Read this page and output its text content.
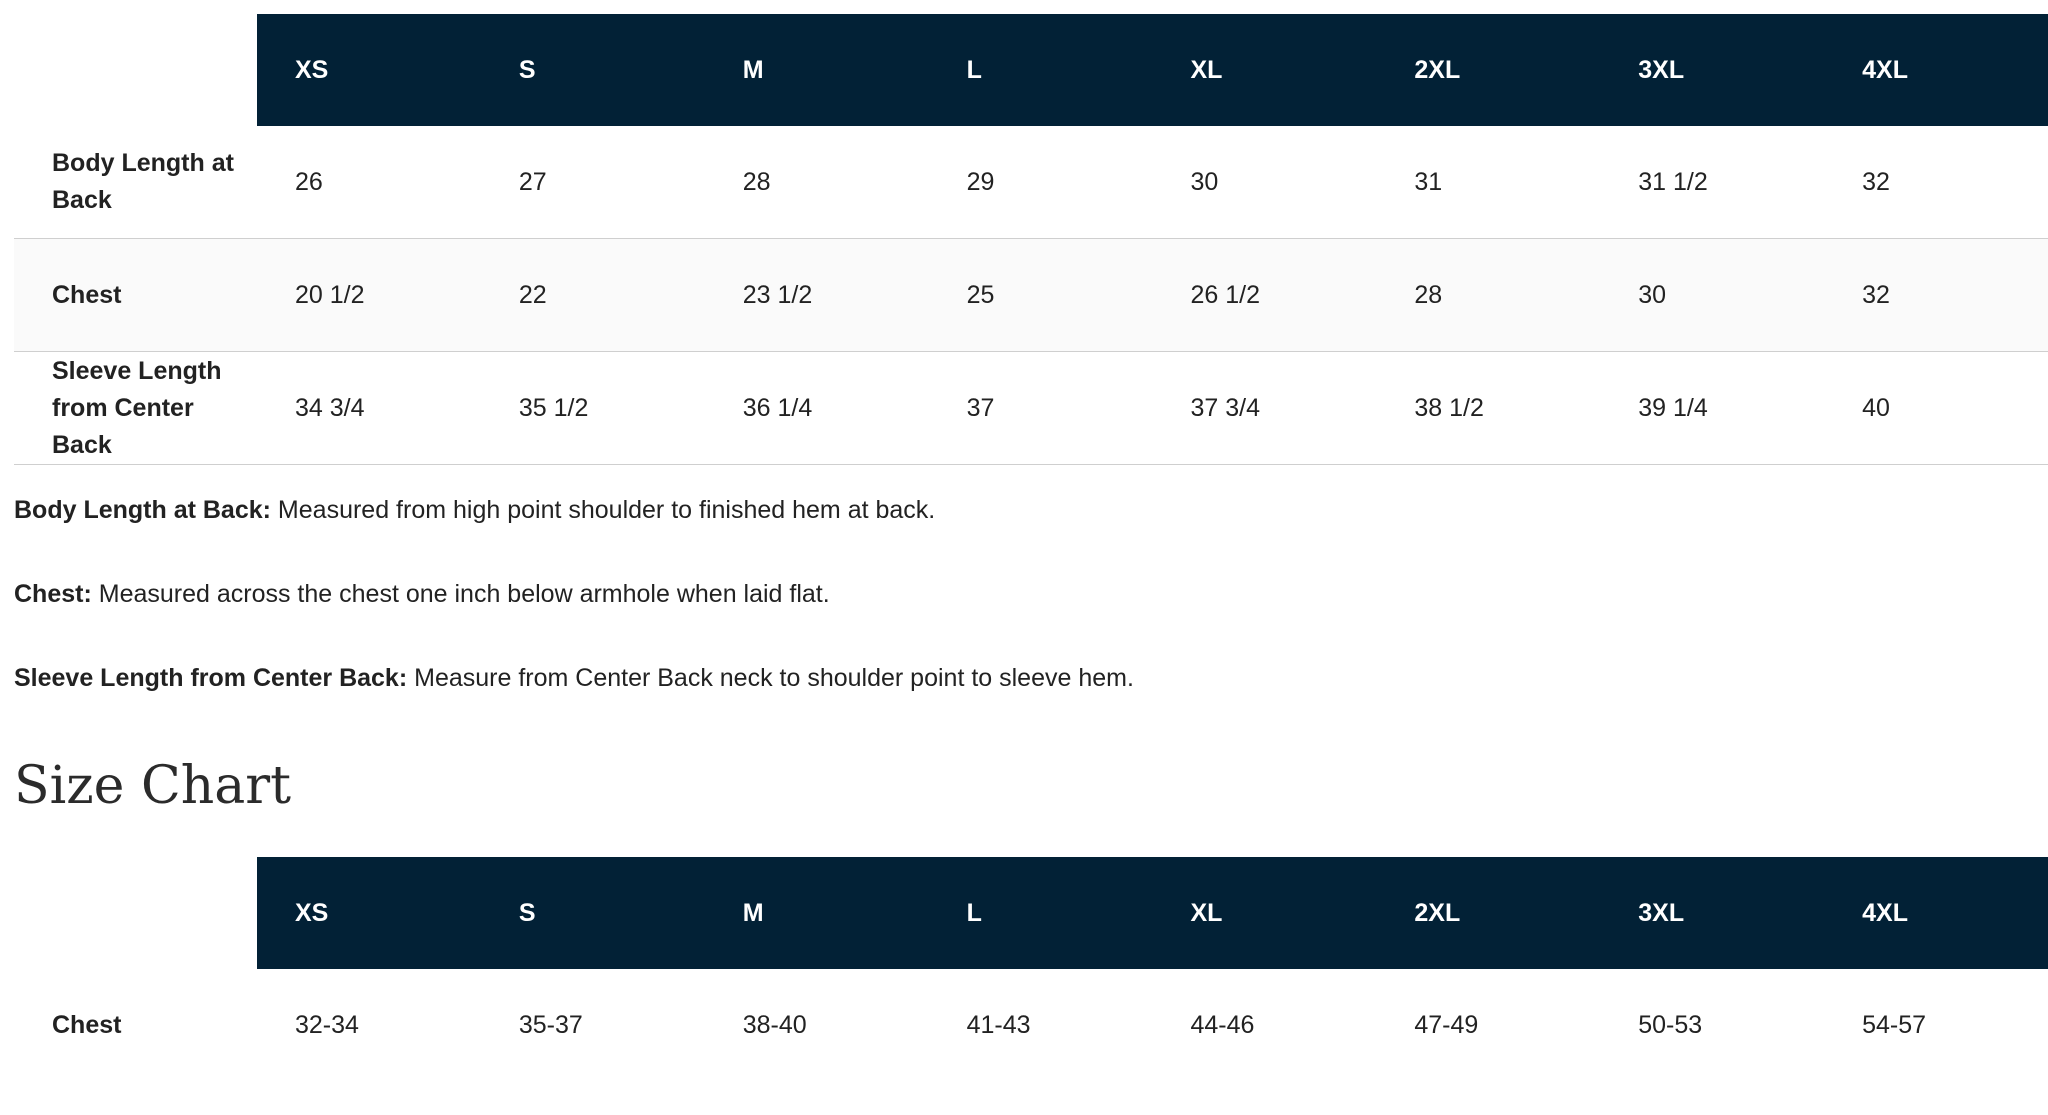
	XS	S	M	L	XL	2XL	3XL	4XL
Body Length at Back	26	27	28	29	30	31	31 1/2	32
Chest	20 1/2	22	23 1/2	25	26 1/2	28	30	32
Sleeve Length from Center Back	34 3/4	35 1/2	36 1/4	37	37 3/4	38 1/2	39 1/4	40

Body Length at Back: Measured from high point shoulder to finished hem at back.

Chest: Measured across the chest one inch below armhole when laid flat.

Sleeve Length from Center Back: Measure from Center Back neck to shoulder point to sleeve hem.

Size Chart
	XS	S	M	L	XL	2XL	3XL	4XL
Chest	32-34	35-37	38-40	41-43	44-46	47-49	50-53	54-57
